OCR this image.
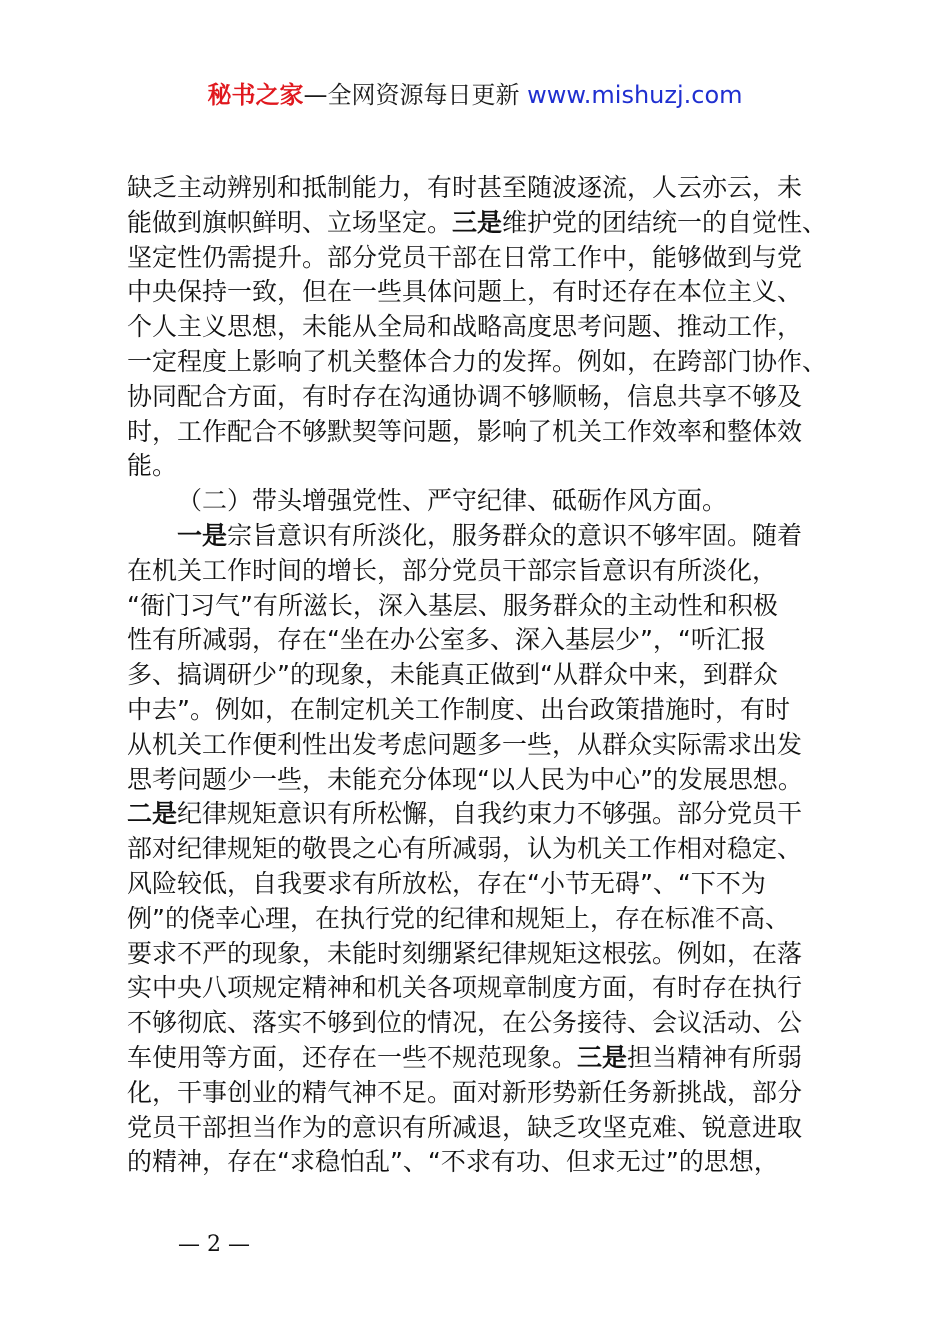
秘书之家—全网资源每日更新 www.mishuzj.com
缺乏主动辨别和抵制能力，有时甚至随波逐流，人云亦云，未
能做到旗帜鲜明、立场坚定。三是维护党的团结统一的自觉性、
坚定性仍需提升。部分党员干部在日常工作中，能够做到与党
中央保持一致，但在一些具体问题上，有时还存在本位主义、
个人主义思想，未能从全局和战略高度思考问题、推动工作，
一定程度上影响了机关整体合力的发挥。例如，在跨部门协作、
协同配合方面，有时存在沟通协调不够顺畅，信息共享不够及
时，工作配合不够默契等问题，影响了机关工作效率和整体效
能。
（二）带头增强党性、严守纪律、砥砺作风方面。
一是宗旨意识有所淡化，服务群众的意识不够牢固。随着
在机关工作时间的增长，部分党员干部宗旨意识有所淡化，
“衙门习气”有所滋长，深入基层、服务群众的主动性和积极
性有所减弱，存在“坐在办公室多、深入基层少”，“听汇报
多、搞调研少”的现象，未能真正做到“从群众中来，到群众
中去”。例如，在制定机关工作制度、出台政策措施时，有时
从机关工作便利性出发考虑问题多一些，从群众实际需求出发
思考问题少一些，未能充分体现“以人民为中心”的发展思想。
二是纪律规矩意识有所松懈，自我约束力不够强。部分党员干
部对纪律规矩的敬畏之心有所减弱，认为机关工作相对稳定、
风险较低，自我要求有所放松，存在“小节无碍”、“下不为
例”的侥幸心理，在执行党的纪律和规矩上，存在标准不高、
要求不严的现象，未能时刻绷紧纪律规矩这根弦。例如，在落
实中央八项规定精神和机关各项规章制度方面，有时存在执行
不够彻底、落实不够到位的情况，在公务接待、会议活动、公
车使用等方面，还存在一些不规范现象。三是担当精神有所弱
化，干事创业的精气神不足。面对新形势新任务新挑战，部分
党员干部担当作为的意识有所减退，缺乏攻坚克难、锐意进取
的精神，存在“求稳怕乱”、“不求有功、但求无过”的思想，
— 2 —
